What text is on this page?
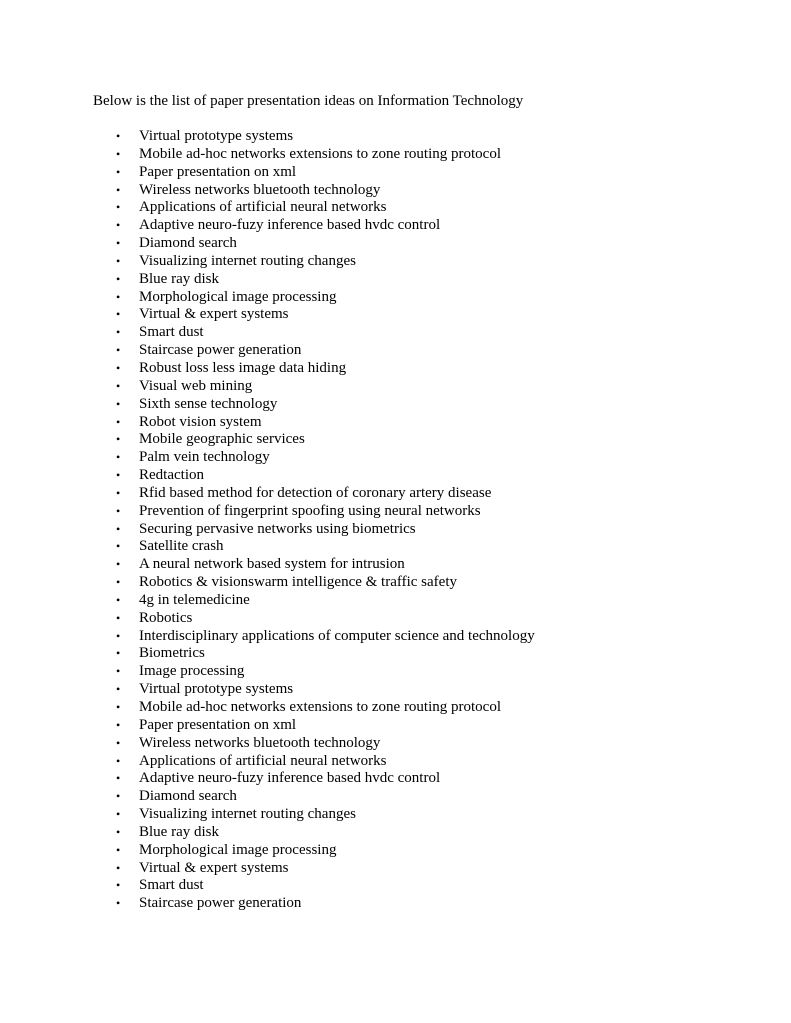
Below is the list of paper presentation ideas on Information Technology

• Virtual prototype systems
• Mobile ad-hoc networks extensions to zone routing protocol
• Paper presentation on xml
• Wireless networks bluetooth technology
• Applications of artificial neural networks
• Adaptive neuro-fuzy inference based hvdc control
• Diamond search
• Visualizing internet routing changes
• Blue ray disk
• Morphological image processing
• Virtual & expert systems
• Smart dust
• Staircase power generation
• Robust loss less image data hiding
• Visual web mining
• Sixth sense technology
• Robot vision system
• Mobile geographic services
• Palm vein technology
• Redtaction
• Rfid based method for detection of coronary artery disease
• Prevention of fingerprint spoofing using neural networks
• Securing pervasive networks using biometrics
• Satellite crash
• A neural network based system for intrusion
• Robotics & visionswarm intelligence & traffic safety
• 4g in telemedicine
• Robotics
• Interdisciplinary applications of computer science and technology
• Biometrics
• Image processing
• Virtual prototype systems
• Mobile ad-hoc networks extensions to zone routing protocol
• Paper presentation on xml
• Wireless networks bluetooth technology
• Applications of artificial neural networks
• Adaptive neuro-fuzy inference based hvdc control
• Diamond search
• Visualizing internet routing changes
• Blue ray disk
• Morphological image processing
• Virtual & expert systems
• Smart dust
• Staircase power generation
